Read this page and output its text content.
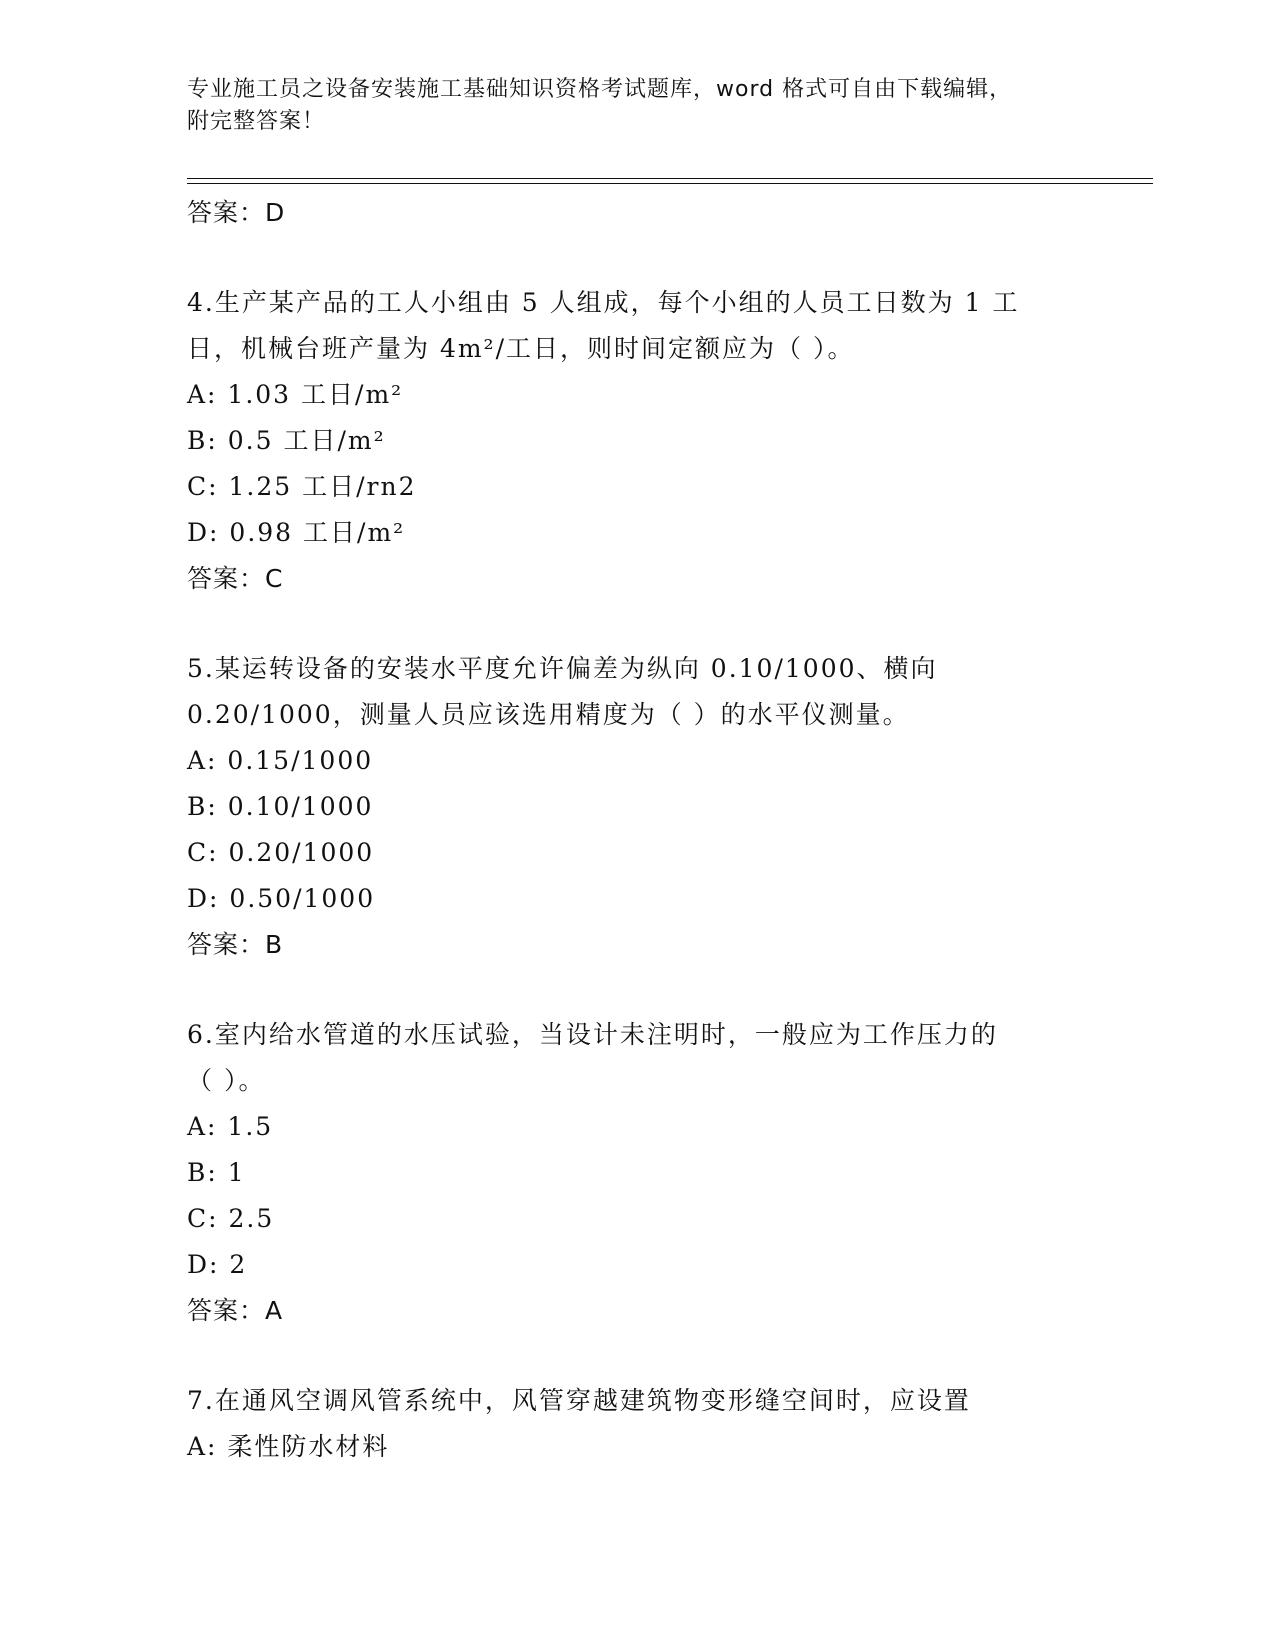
专业施工员之设备安装施工基础知识资格考试题库，word 格式可自由下载编辑，
附完整答案！
答案：D
4.生产某产品的工人小组由 5 人组成，每个小组的人员工日数为 1 工
日，机械台班产量为 4m²/工日，则时间定额应为（ ）。
A: 1.03 工日/m²
B: 0.5 工日/m²
C: 1.25 工日/rn2
D: 0.98 工日/m²
答案：C
5.某运转设备的安装水平度允许偏差为纵向 0.10/1000、横向
0.20/1000，测量人员应该选用精度为（ ）的水平仪测量。
A: 0.15/1000
B: 0.10/1000
C: 0.20/1000
D: 0.50/1000
答案：B
6.室内给水管道的水压试验，当设计未注明时，一般应为工作压力的
（ ）。
A: 1.5
B: 1
C: 2.5
D: 2
答案：A
7.在通风空调风管系统中，风管穿越建筑物变形缝空间时，应设置
A: 柔性防水材料
